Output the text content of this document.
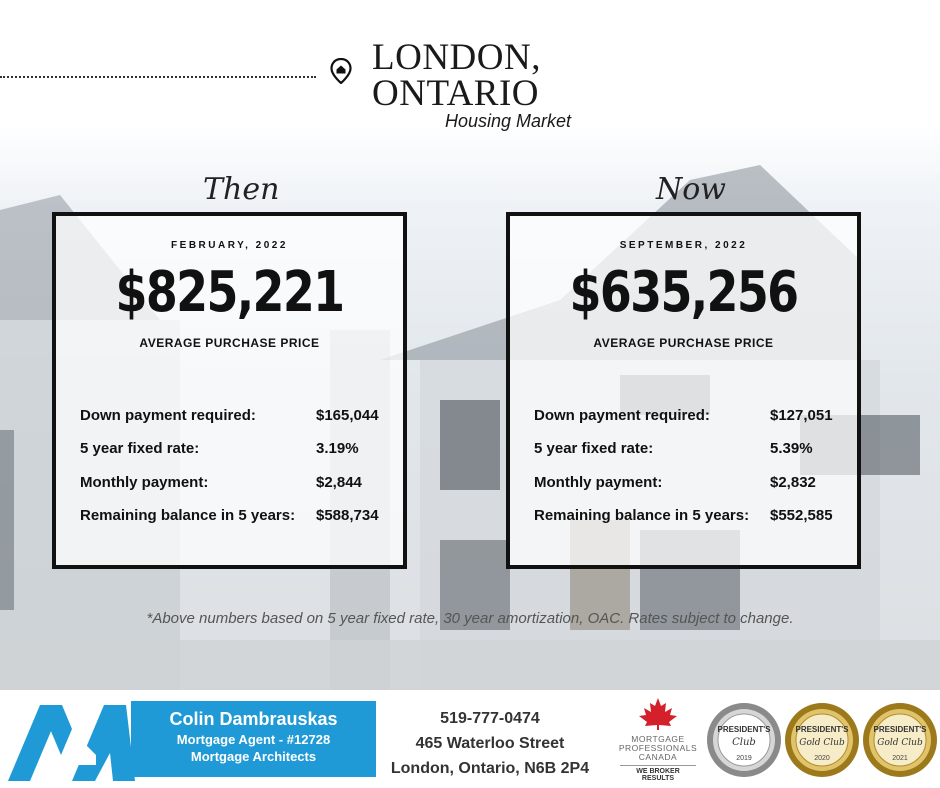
LONDON,
ONTARIO
Housing Market
Then	Now
FEBRUARY, 2022
$825,221
AVERAGE PURCHASE PRICE
Down payment required:	$165,044
5 year fixed rate:	3.19%
Monthly payment:	$2,844
Remaining balance in 5 years: $588,734
SEPTEMBER, 2022
$635,256
AVERAGE PURCHASE PRICE
Down payment required:	$127,051
5 year fixed rate:	5.39%
Monthly payment:	$2,832
Remaining balance in 5 years: $552,585
*Above numbers based on 5 year fixed rate, 30 year amortization, OAC. Rates subject to change.
Colin Dambrauskas
Mortgage Agent - #12728
Mortgage Architects
519-777-0474
465 Waterloo Street
London, Ontario, N6B 2P4
MORTGAGE
PROFESSIONALS
CANADA
WE BROKER RESULTS
PRESIDENT'S
Club
2019
PRESIDENT'S
Gold Club
2020
PRESIDENT'S
Gold Club
2021
